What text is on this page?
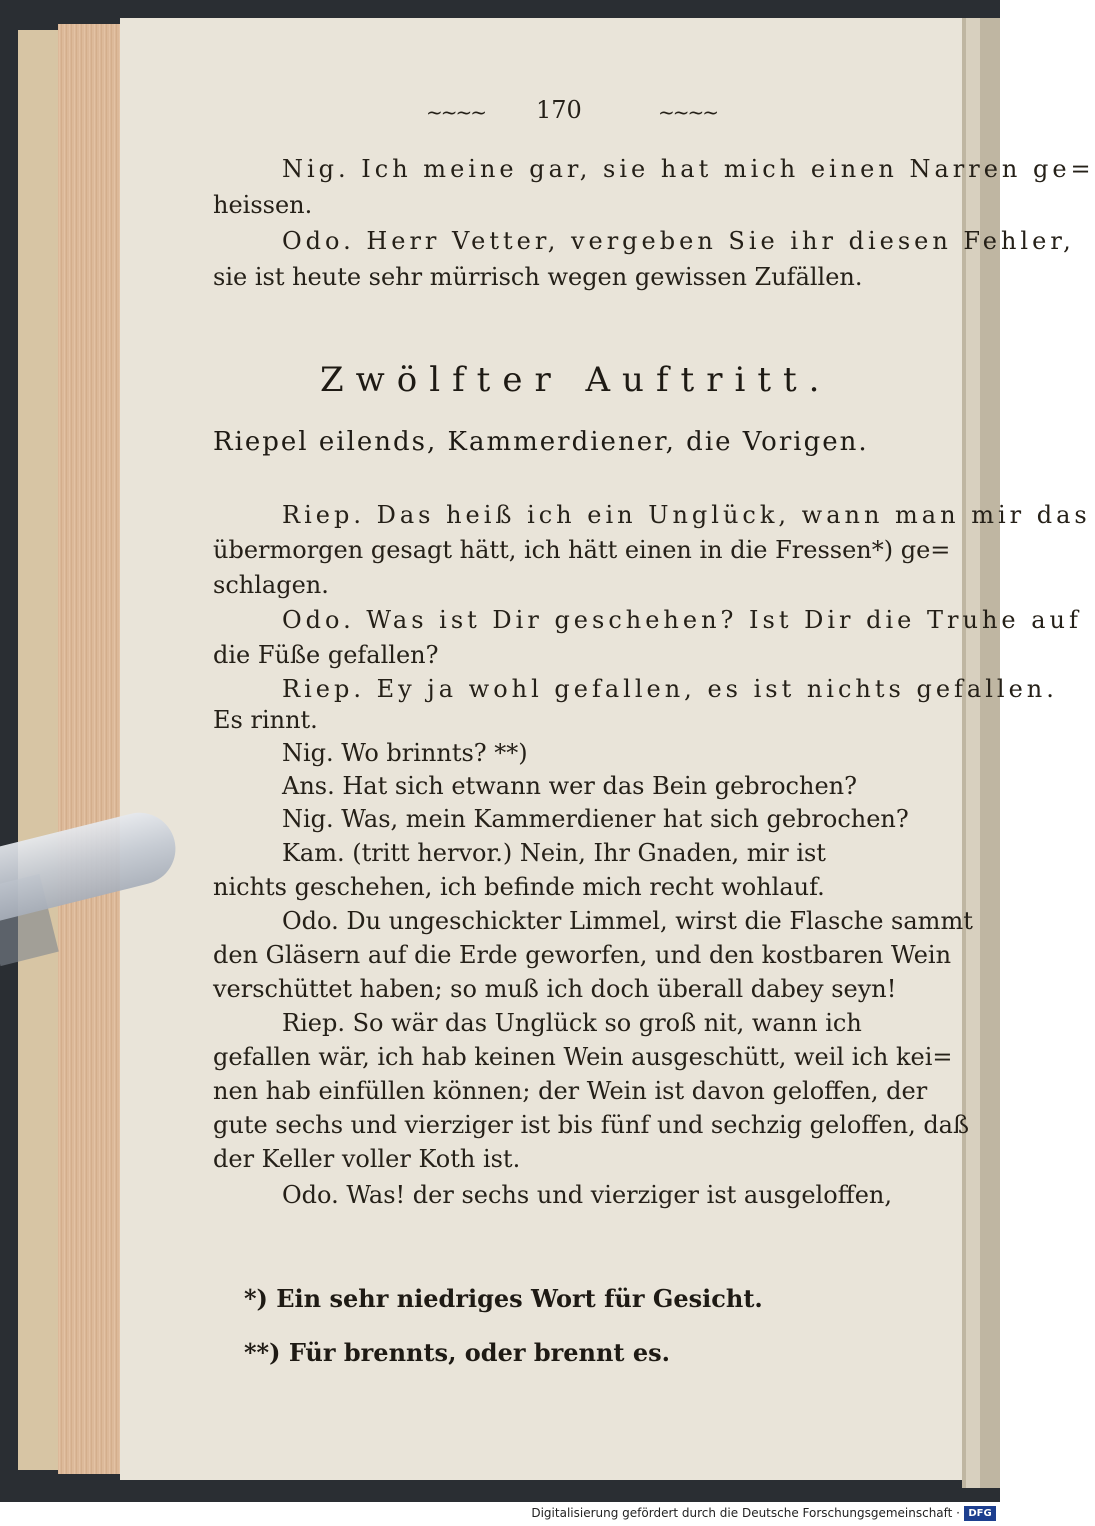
~~~~ 170	~~~~
Nig. Ich meine gar, sie hat mich einen Narren ge=
heissen.
Odo. Herr Vetter, vergeben Sie ihr diesen Fehler,
sie ist heute sehr mürrisch wegen gewissen Zufällen.
Zwölfter Auftritt.
Riepel eilends, Kammerdiener, die Vorigen.
Riep. Das heiß ich ein Unglück, wann man mir das
übermorgen gesagt hätt, ich hätt einen in die Fressen*) ge=
schlagen.
Odo. Was ist Dir geschehen? Ist Dir die Truhe auf
die Füße gefallen?
Riep. Ey ja wohl gefallen, es ist nichts gefallen.
Es rinnt.
Nig. Wo brinnts? **)
Ans. Hat sich etwann wer das Bein gebrochen?
Nig. Was, mein Kammerdiener hat sich gebrochen?
Kam. (tritt hervor.) Nein, Ihr Gnaden, mir ist
nichts geschehen, ich befinde mich recht wohlauf.
Odo. Du ungeschickter Limmel, wirst die Flasche sammt
den Gläsern auf die Erde geworfen, und den kostbaren Wein
verschüttet haben; so muß ich doch überall dabey seyn!
Riep. So wär das Unglück so groß nit, wann ich
gefallen wär, ich hab keinen Wein ausgeschütt, weil ich kei=
nen hab einfüllen können; der Wein ist davon geloffen, der
gute sechs und vierziger ist bis fünf und sechzig geloffen, daß
der Keller voller Koth ist.
Odo. Was! der sechs und vierziger ist ausgeloffen,
*) Ein sehr niedriges Wort für Gesicht.
**) Für brennts, oder brennt es.
Digitalisierung gefördert durch die Deutsche Forschungsgemeinschaft · DFG
